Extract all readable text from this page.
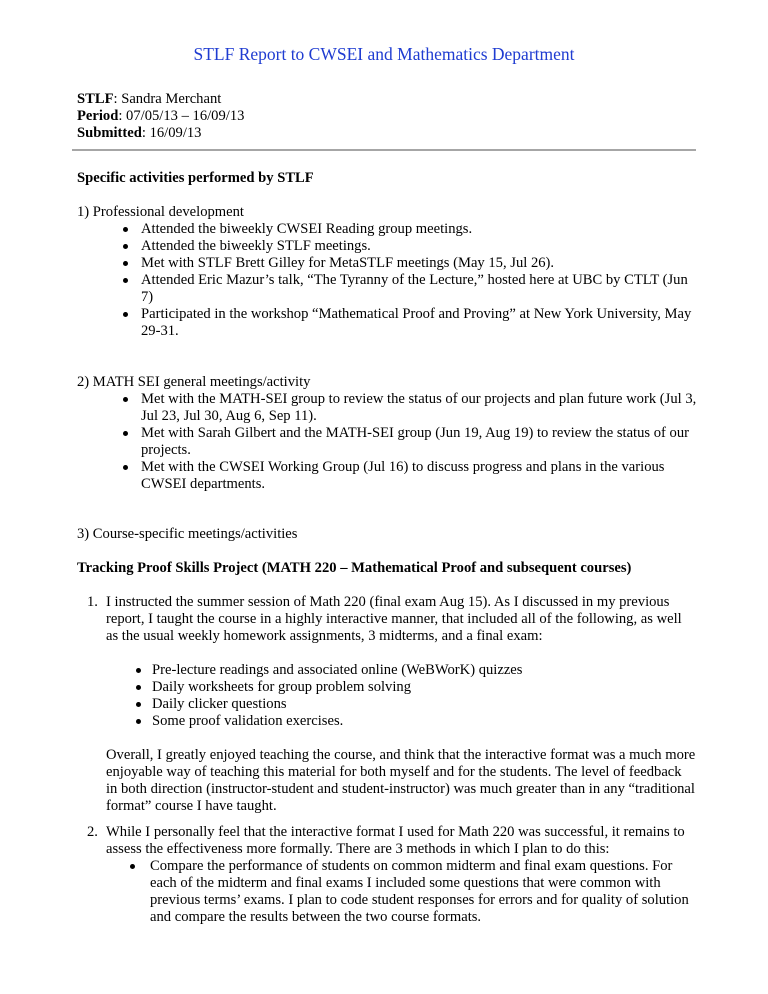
STLF Report to CWSEI and Mathematics Department
STLF: Sandra Merchant
Period: 07/05/13 – 16/09/13
Submitted: 16/09/13
Specific activities performed by STLF
1) Professional development
Attended the biweekly CWSEI Reading group meetings.
Attended the biweekly STLF meetings.
Met with STLF Brett Gilley for MetaSTLF meetings (May 15, Jul 26).
Attended Eric Mazur’s talk, “The Tyranny of the Lecture,” hosted here at UBC by CTLT (Jun 7)
Participated in the workshop “Mathematical Proof and Proving” at New York University, May 29-31.
2) MATH SEI general meetings/activity
Met with the MATH-SEI group to review the status of our projects and plan future work (Jul 3, Jul 23, Jul 30, Aug 6, Sep 11).
Met with Sarah Gilbert and the MATH-SEI group (Jun 19, Aug 19) to review the status of our projects.
Met with the CWSEI Working Group (Jul 16) to discuss progress and plans in the various CWSEI departments.
3) Course-specific meetings/activities
Tracking Proof Skills Project (MATH 220 – Mathematical Proof and subsequent courses)
1. I instructed the summer session of Math 220 (final exam Aug 15). As I discussed in my previous report, I taught the course in a highly interactive manner, that included all of the following, as well as the usual weekly homework assignments, 3 midterms, and a final exam:

Pre-lecture readings and associated online (WeBWorK) quizzes
Daily worksheets for group problem solving
Daily clicker questions
Some proof validation exercises.

Overall, I greatly enjoyed teaching the course, and think that the interactive format was a much more enjoyable way of teaching this material for both myself and for the students. The level of feedback in both direction (instructor-student and student-instructor) was much greater than in any “traditional format” course I have taught.

2. While I personally feel that the interactive format I used for Math 220 was successful, it remains to assess the effectiveness more formally. There are 3 methods in which I plan to do this:

Compare the performance of students on common midterm and final exam questions. For each of the midterm and final exams I included some questions that were common with previous terms’ exams. I plan to code student responses for errors and for quality of solution and compare the results between the two course formats.
